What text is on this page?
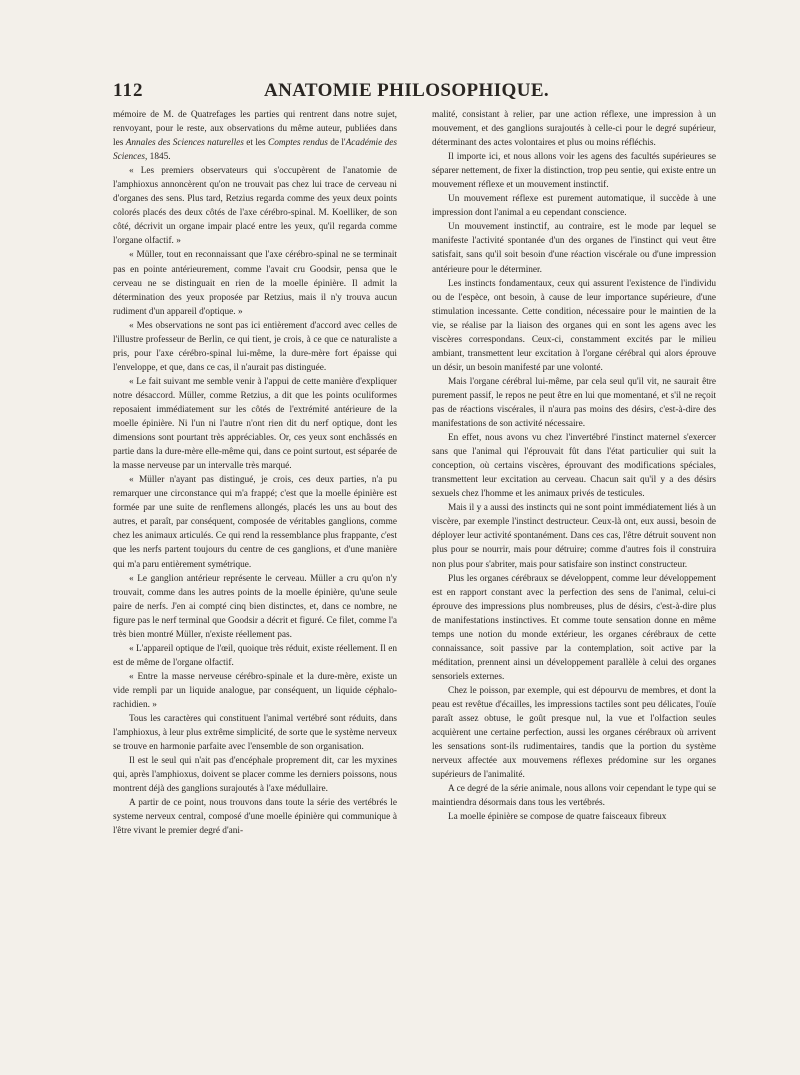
112	ANATOMIE PHILOSOPHIQUE.

mémoire de M. de Quatrefages les parties qui rentrent dans notre sujet, renvoyant, pour le reste, aux observations du même auteur, publiées dans les Annales des Sciences naturelles et les Comptes rendus de l'Académie des Sciences, 1845.

« Les premiers observateurs qui s'occupèrent de l'anatomie de l'amphioxus annoncèrent qu'on ne trouvait pas chez lui trace de cerveau ni d'organes des sens. Plus tard, Retzius regarda comme des yeux deux points colorés placés des deux côtés de l'axe cérébro-spinal. M. Koelliker, de son côté, décrivit un organe impair placé entre les yeux, qu'il regarda comme l'organe olfactif. »

« Müller, tout en reconnaissant que l'axe cérébro-spinal ne se terminait pas en pointe antérieurement, comme l'avait cru Goodsir, pensa que le cerveau ne se distinguait en rien de la moelle épinière. Il admit la détermination des yeux proposée par Retzius, mais il n'y trouva aucun rudiment d'un appareil d'optique. »

« Mes observations ne sont pas ici entièrement d'accord avec celles de l'illustre professeur de Berlin, ce qui tient, je crois, à ce que ce naturaliste a pris, pour l'axe cérébro-spinal lui-même, la dure-mère fort épaisse qui l'enveloppe, et que, dans ce cas, il n'aurait pas distinguée.

« Le fait suivant me semble venir à l'appui de cette manière d'expliquer notre désaccord. Müller, comme Retzius, a dit que les points oculiformes reposaient immédiatement sur les côtés de l'extrémité antérieure de la moelle épinière. Ni l'un ni l'autre n'ont rien dit du nerf optique, dont les dimensions sont pourtant très appréciables. Or, ces yeux sont enchâssés en partie dans la dure-mère elle-même qui, dans ce point surtout, est séparée de la masse nerveuse par un intervalle très marqué.

« Müller n'ayant pas distingué, je crois, ces deux parties, n'a pu remarquer une circonstance qui m'a frappé; c'est que la moelle épinière est formée par une suite de renflemens allongés, placés les uns au bout des autres, et paraît, par conséquent, composée de véritables ganglions, comme chez les animaux articulés. Ce qui rend la ressemblance plus frappante, c'est que les nerfs partent toujours du centre de ces ganglions, et d'une manière qui m'a paru entièrement symétrique.

« Le ganglion antérieur représente le cerveau. Müller a cru qu'on n'y trouvait, comme dans les autres points de la moelle épinière, qu'une seule paire de nerfs. J'en ai compté cinq bien distinctes, et, dans ce nombre, ne figure pas le nerf terminal que Goodsir a décrit et figuré. Ce filet, comme l'a très bien montré Müller, n'existe réellement pas.

« L'appareil optique de l'œil, quoique très réduit, existe réellement. Il en est de même de l'organe olfactif.

« Entre la masse nerveuse cérébro-spinale et la dure-mère, existe un vide rempli par un liquide analogue, par conséquent, un liquide céphalo-rachidien. »

Tous les caractères qui constituent l'animal vertébré sont réduits, dans l'amphioxus, à leur plus extrême simplicité, de sorte que le système nerveux se trouve en harmonie parfaite avec l'ensemble de son organisation.

Il est le seul qui n'ait pas d'encéphale proprement dit, car les myxines qui, après l'amphioxus, doivent se placer comme les derniers poissons, nous montrent déjà des ganglions surajoutés à l'axe médullaire.

A partir de ce point, nous trouvons dans toute la série des vertébrés le systeme nerveux central, composé d'une moelle épinière qui communique à l'être vivant le premier degré d'ani-

malité, consistant à relier, par une action réflexe, une impression à un mouvement, et des ganglions surajoutés à celle-ci pour le degré supérieur, déterminant des actes volontaires et plus ou moins réfléchis.

Il importe ici, et nous allons voir les agens des facultés supérieures se séparer nettement, de fixer la distinction, trop peu sentie, qui existe entre un mouvement réflexe et un mouvement instinctif.

Un mouvement réflexe est purement automatique, il succède à une impression dont l'animal a eu cependant conscience.

Un mouvement instinctif, au contraire, est le mode par lequel se manifeste l'activité spontanée d'un des organes de l'instinct qui veut être satisfait, sans qu'il soit besoin d'une réaction viscérale ou d'une impression antérieure pour le déterminer.

Les instincts fondamentaux, ceux qui assurent l'existence de l'individu ou de l'espèce, ont besoin, à cause de leur importance supérieure, d'une stimulation incessante. Cette condition, nécessaire pour le maintien de la vie, se réalise par la liaison des organes qui en sont les agens avec les viscères correspondans. Ceux-ci, constamment excités par le milieu ambiant, transmettent leur excitation à l'organe cérébral qui alors éprouve un désir, un besoin manifesté par une volonté.

Mais l'organe cérébral lui-même, par cela seul qu'il vit, ne saurait être purement passif, le repos ne peut être en lui que momentané, et s'il ne reçoit pas de réactions viscérales, il n'aura pas moins des désirs, c'est-à-dire des manifestations de son activité nécessaire.

En effet, nous avons vu chez l'invertébré l'instinct maternel s'exercer sans que l'animal qui l'éprouvait fût dans l'état particulier qui suit la conception, où certains viscères, éprouvant des modifications spéciales, transmettent leur excitation au cerveau. Chacun sait qu'il y a des désirs sexuels chez l'homme et les animaux privés de testicules.

Mais il y a aussi des instincts qui ne sont point immédiatement liés à un viscère, par exemple l'instinct destructeur. Ceux-là ont, eux aussi, besoin de déployer leur activité spontanément. Dans ces cas, l'être détruit souvent non plus pour se nourrir, mais pour détruire; comme d'autres fois il construira non plus pour s'abriter, mais pour satisfaire son instinct constructeur.

Plus les organes cérébraux se développent, comme leur développement est en rapport constant avec la perfection des sens de l'animal, celui-ci éprouve des impressions plus nombreuses, plus de désirs, c'est-à-dire plus de manifestations instinctives. Et comme toute sensation donne en même temps une notion du monde extérieur, les organes cérébraux de cette connaissance, soit passive par la contemplation, soit active par la méditation, prennent ainsi un développement parallèle à celui des organes sensoriels externes.

Chez le poisson, par exemple, qui est dépourvu de membres, et dont la peau est revêtue d'écailles, les impressions tactiles sont peu délicates, l'ouïe paraît assez obtuse, le goût presque nul, la vue et l'olfaction seules acquièrent une certaine perfection, aussi les organes cérébraux où arrivent les sensations sont-ils rudimentaires, tandis que la portion du système nerveux affectée aux mouvemens réflexes prédomine sur les organes supérieurs de l'animalité.

A ce degré de la série animale, nous allons voir cependant le type qui se maintiendra désormais dans tous les vertébrés.

La moelle épinière se compose de quatre faisceaux fibreux
